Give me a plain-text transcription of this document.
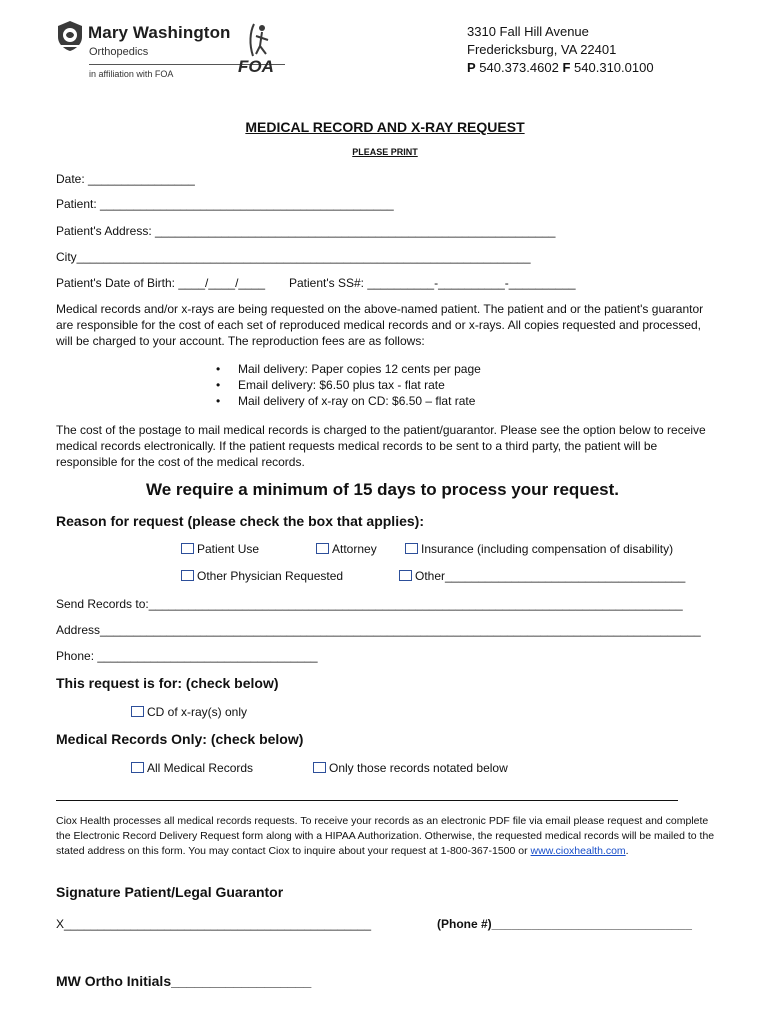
Mary Washington
Orthopedics
in affiliation with FOA	FOA
3310 Fall Hill Avenue
Fredericksburg, VA 22401
P 540.373.4602 F 540.310.0100
MEDICAL RECORD AND X-RAY REQUEST
PLEASE PRINT
Date: ________________
Patient: ____________________________________________
Patient's Address: ____________________________________________________________
City____________________________________________________________________
Patient's Date of Birth: ____/____/____ Patient's SS#: __________-__________-__________
Medical records and/or x-rays are being requested on the above-named patient. The patient and or the patient's guarantor are responsible for the cost of each set of reproduced medical records and or x-rays. All copies requested and processed, will be charged to your account. The reproduction fees are as follows:
• Mail delivery: Paper copies 12 cents per page
• Email delivery: $6.50 plus tax - flat rate
• Mail delivery of x-ray on CD: $6.50 – flat rate
The cost of the postage to mail medical records is charged to the patient/guarantor. Please see the option below to receive medical records electronically. If the patient requests medical records to be sent to a third party, the patient will be responsible for the cost of the medical records.
We require a minimum of 15 days to process your request.
Reason for request (please check the box that applies):
Patient Use	Attorney	Insurance (including compensation of disability)
Other Physician Requested	Other____________________________________
Send Records to:________________________________________________________________________________
Address__________________________________________________________________________________________
Phone: _________________________________
This request is for: (check below)
CD of x-ray(s) only
Medical Records Only: (check below)
All Medical Records	Only those records notated below
Ciox Health processes all medical records requests. To receive your records as an electronic PDF file via email please request and complete the Electronic Record Delivery Request form along with a HIPAA Authorization. Otherwise, the requested medical records will be mailed to the stated address on this form. You may contact Ciox to inquire about your request at 1-800-367-1500 or www.cioxhealth.com.
Signature Patient/Legal Guarantor
X______________________________________________	(Phone #)______________________________
MW Ortho Initials__________________
